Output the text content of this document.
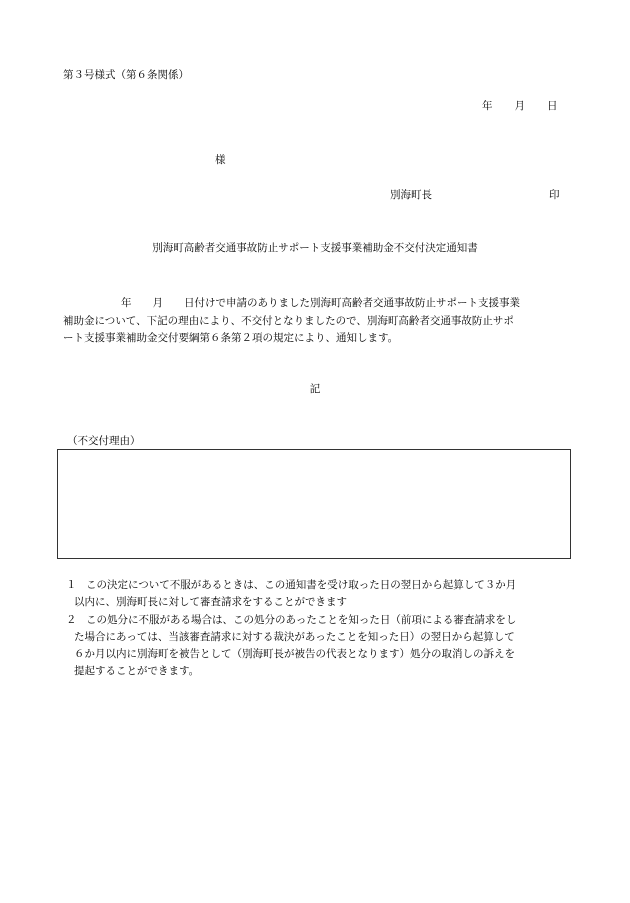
第３号様式（第６条関係）
年 月 日
様
別海町長	印
別海町高齢者交通事故防止サポート支援事業補助金不交付決定通知書

年　　月　　日付けで申請のありました別海町高齢者交通事故防止サポート支援事業

補助金について、下記の理由により、不交付となりましたので、別海町高齢者交通事故防止サポ

ート支援事業補助金交付要綱第６条第２項の規定により、通知します。

記
（不交付理由）
１ この決定について不服があるときは、この通知書を受け取った日の翌日から起算して３か月
以内に、別海町長に対して審査請求をすることができます
２ この処分に不服がある場合は、この処分のあったことを知った日（前項による審査請求をし
た場合にあっては、当該審査請求に対する裁決があったことを知った日）の翌日から起算して
６か月以内に別海町を被告として（別海町長が被告の代表となります）処分の取消しの訴えを
提起することができます。
